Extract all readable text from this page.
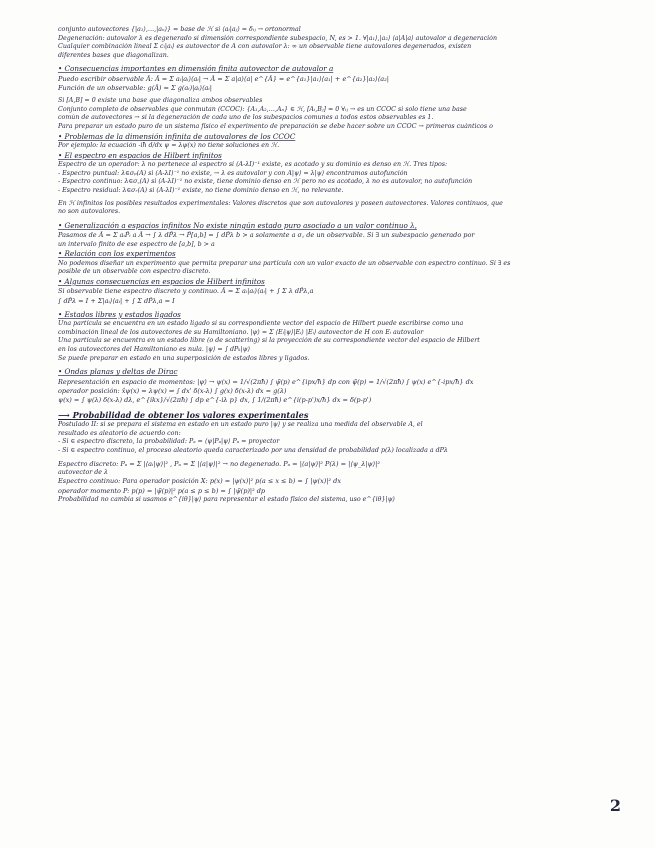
conjunto autovectores {|a₁⟩,…,|aₙ⟩} = base de ℋ si ⟨aᵢ|aⱼ⟩ = δᵢⱼ → ortonormal

Degeneración: autovalor λ es degenerado si dimensión correspondiente subespacio, N, es > 1. ∀|a₁⟩,|a₂⟩ ⟨a|Â|a⟩ autovalor a degeneración

Cualquier combinación lineal Σ cᵢ|aᵢ⟩ es autovector de Â con autovalor λ: ∞ un observable tiene autovalores degenerados, existen

diferentes bases que diagonalizan.

• Consecuencias importantes en dimensión finita autovector de autovalor a

Puedo escribir observable Â: Â = Σ aᵢ|aᵢ⟩⟨aᵢ| → Â = Σ a|a⟩⟨a| e^{Â} = e^{a₁}|a₁⟩⟨a₁| + e^{a₂}|a₂⟩⟨a₂|

Función de un observable: g(Â) = Σ g(aᵢ)|aᵢ⟩⟨aᵢ|

Si [Â,B̂] = 0 existe una base que diagonaliza ambos observables

Conjunto completo de observables que conmutan (CCOC): {A₁,A₂,…,Aₙ} ∈ ℋ, [Aᵢ,Bⱼ] = 0 ∀ᵢⱼ → es un CCOC si solo tiene una base

común de autovectores → si la degeneración de cada uno de los subespacios comunes a todos estos observables es 1.

Para preparar un estado puro de un sistema físico el experimento de preparación se debe hacer sobre un CCOC → primeros cuánticos o

• Problemas de la dimensión infinita de autovalores de los CCOC

Por ejemplo: la ecuación -iħ d/dx ψ = λψ(x) no tiene soluciones en ℋ.

• El espectro en espacios de Hilbert infinitos

Espectro de un operador: λ no pertenece al espectro si (Â-λI)⁻¹ existe, es acotado y su dominio es denso en ℋ. Tres tipos:

- Espectro puntual: λ∈σₚ(Â) si (Â-λI)⁻¹ no existe, → λ es autovalor y con Â|ψ⟩ = λ|ψ⟩ encontramos autofunción

- Espectro continuo: λ∈σ꜀(Â) si (Â-λI)⁻¹ no existe, tiene dominio denso en ℋ pero no es acotado, λ no es autovalor, no autofunción

- Espectro residual: λ∈σᵣ(Â) si (Â-λI)⁻¹ existe, no tiene dominio denso en ℋ, no relevante.

En ℋ infinitos los posibles resultados experimentales: Valores discretos que son autovalores y poseen autovectores. Valores continuos, que

no son autovalores.

• Generalización a espacios infinitos No existe ningún estado puro asociado a un valor continuo λ,

Pasamos de Â = Σ aᵢP̂ᵢ a Â → ∫ λ dP̂λ → P̂[a,b] = ∫ dP̂λ b > a solamente a σ꜀ de un observable. Si ∃ un subespacio generado por

un intervalo finito de ese espectro de [a,b], b > a

• Relación con los experimentos

No podemos diseñar un experimento que permita preparar una partícula con un valor exacto de un observable con espectro continuo. Si ∃ es

posible de un observable con espectro discreto.

• Algunas consecuencias en espacios de Hilbert infinitos

Si observable tiene espectro discreto y continuo. Â = Σ aᵢ|aᵢ⟩⟨aᵢ| + ∫ Σ λ dP̂λ,a

∫ dP̂λ = I + Σ|aᵢ⟩⟨aᵢ| + ∫ Σ dP̂λ,a = I

• Estados libres y estados ligados

Una partícula se encuentra en un estado ligado si su correspondiente vector del espacio de Hilbert puede escribirse como una

combinación lineal de los autovectores de su Hamiltoniano. |ψ⟩ = Σ ⟨Eᵢ|ψ⟩|Eᵢ⟩ |Eᵢ⟩ autovector de Ĥ con Eᵢ autovalor

Una partícula se encuentra en un estado libre (o de scattering) si la proyección de su correspondiente vector del espacio de Hilbert

en los autovectores del Hamiltoniano es nula. |ψ⟩ = ∫ dP̂ₖ|ψ⟩

Se puede preparar en estado en una superposición de estados libres y ligados.

• Ondas planas y deltas de Dirac

Representación en espacio de momentos: |ψ⟩ → ψ(x) = 1/√(2πħ) ∫ ψ̃(p) e^{ipx/ħ} dp con ψ̃(p) = 1/√(2πħ) ∫ ψ(x) e^{-ipx/ħ} dx

operador posición: x̂ψ(x) = λψ(x) ⇒ ∫ dx' δ(x-λ) ∫ g(x) δ(x-λ) dx = g(λ)

ψ(x) = ∫ ψ(λ) δ(x-λ) dλ, e^{ikx}/√(2πħ) ∫ dp e^{-iλ p} dx, ∫ 1/(2πħ) e^{i(p-p')x/ħ} dx = δ(p-p')

⟶ Probabilidad de obtener los valores experimentales

Postulado II: si se prepara el sistema en estado en un estado puro |ψ⟩ y se realiza una medida del observable Â, el

resultado es aleatorio de acuerdo con:

- Si ∈ espectro discreto, la probabilidad: Pₐ = ⟨ψ|P̂ₐ|ψ⟩ P̂ₐ = proyector

- Si ∈ espectro continuo, el proceso aleatorio queda caracterizado por una densidad de probabilidad p(λ) localizada a dP̂λ

Espectro discreto: Pₐ = Σ |⟨aᵢ|ψ⟩|² , Pₐ = Σ |⟨a|ψ⟩|² → no degenerado. Pₐ = |⟨a|ψ⟩|² P(λ) = |⟨ψ_λ|ψ⟩|²

autovector de λ

Espectro continuo: Para operador posición X: p(x) = |ψ(x)|² p(a ≤ x ≤ b) = ∫ |ψ(x)|² dx

operador momento P: p(p) = |ψ̃(p)|² p(a ≤ p ≤ b) = ∫ |ψ̃(p)|² dp

Probabilidad no cambia si usamos e^{iθ}|ψ⟩ para representar el estado físico del sistema, uso e^{iθ}|ψ⟩

2
